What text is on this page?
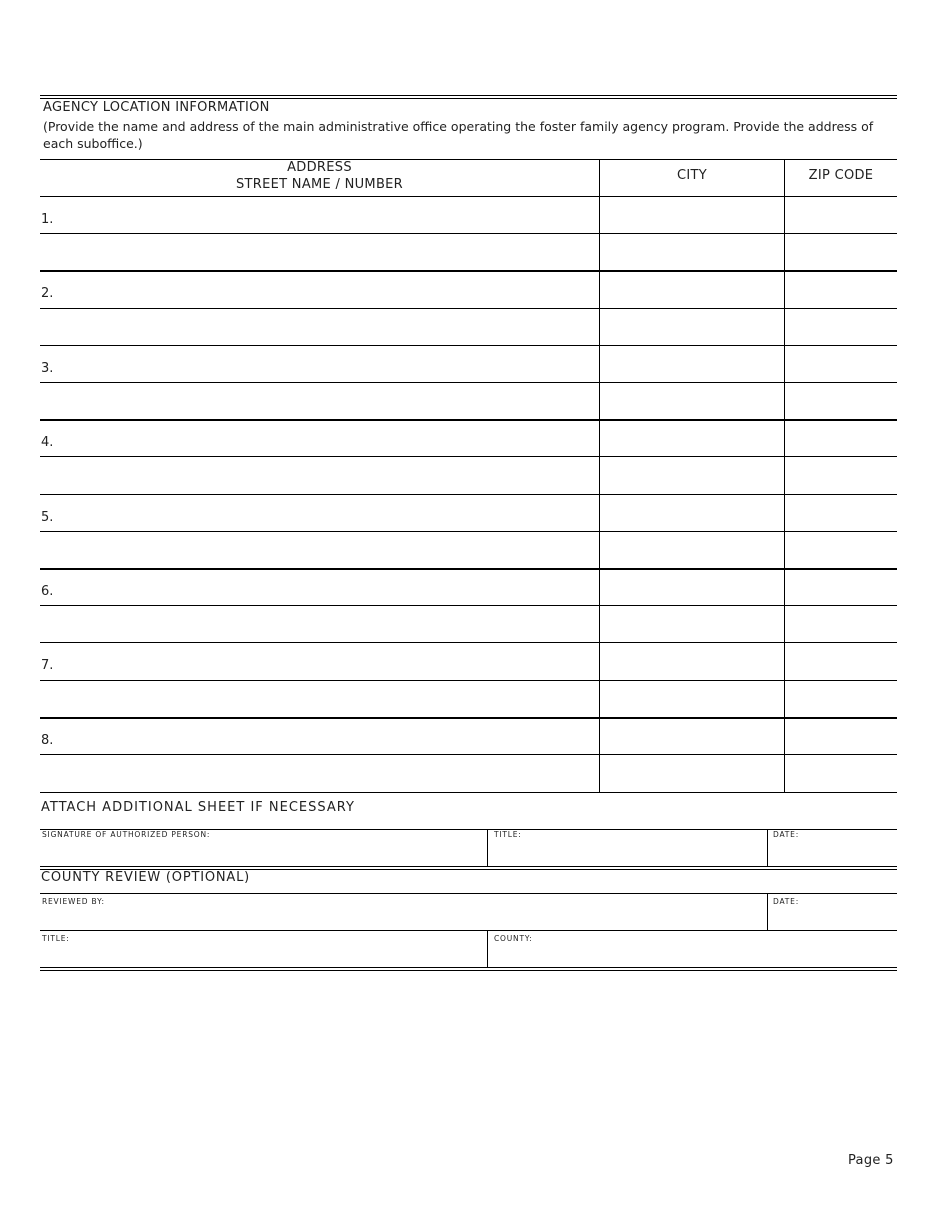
AGENCY LOCATION INFORMATION
(Provide the name and address of the main administrative office operating the foster family agency program. Provide the address of each suboffice.)
ADDRESS
STREET NAME / NUMBER
CITY	ZIP CODE
1.
2.
3.
4.
5.
6.
7.
8.
ATTACH ADDITIONAL SHEET IF NECESSARY
SIGNATURE OF AUTHORIZED PERSON:	TITLE:	DATE:
COUNTY REVIEW (OPTIONAL)
REVIEWED BY:	DATE:
TITLE:	COUNTY:
Page 5
